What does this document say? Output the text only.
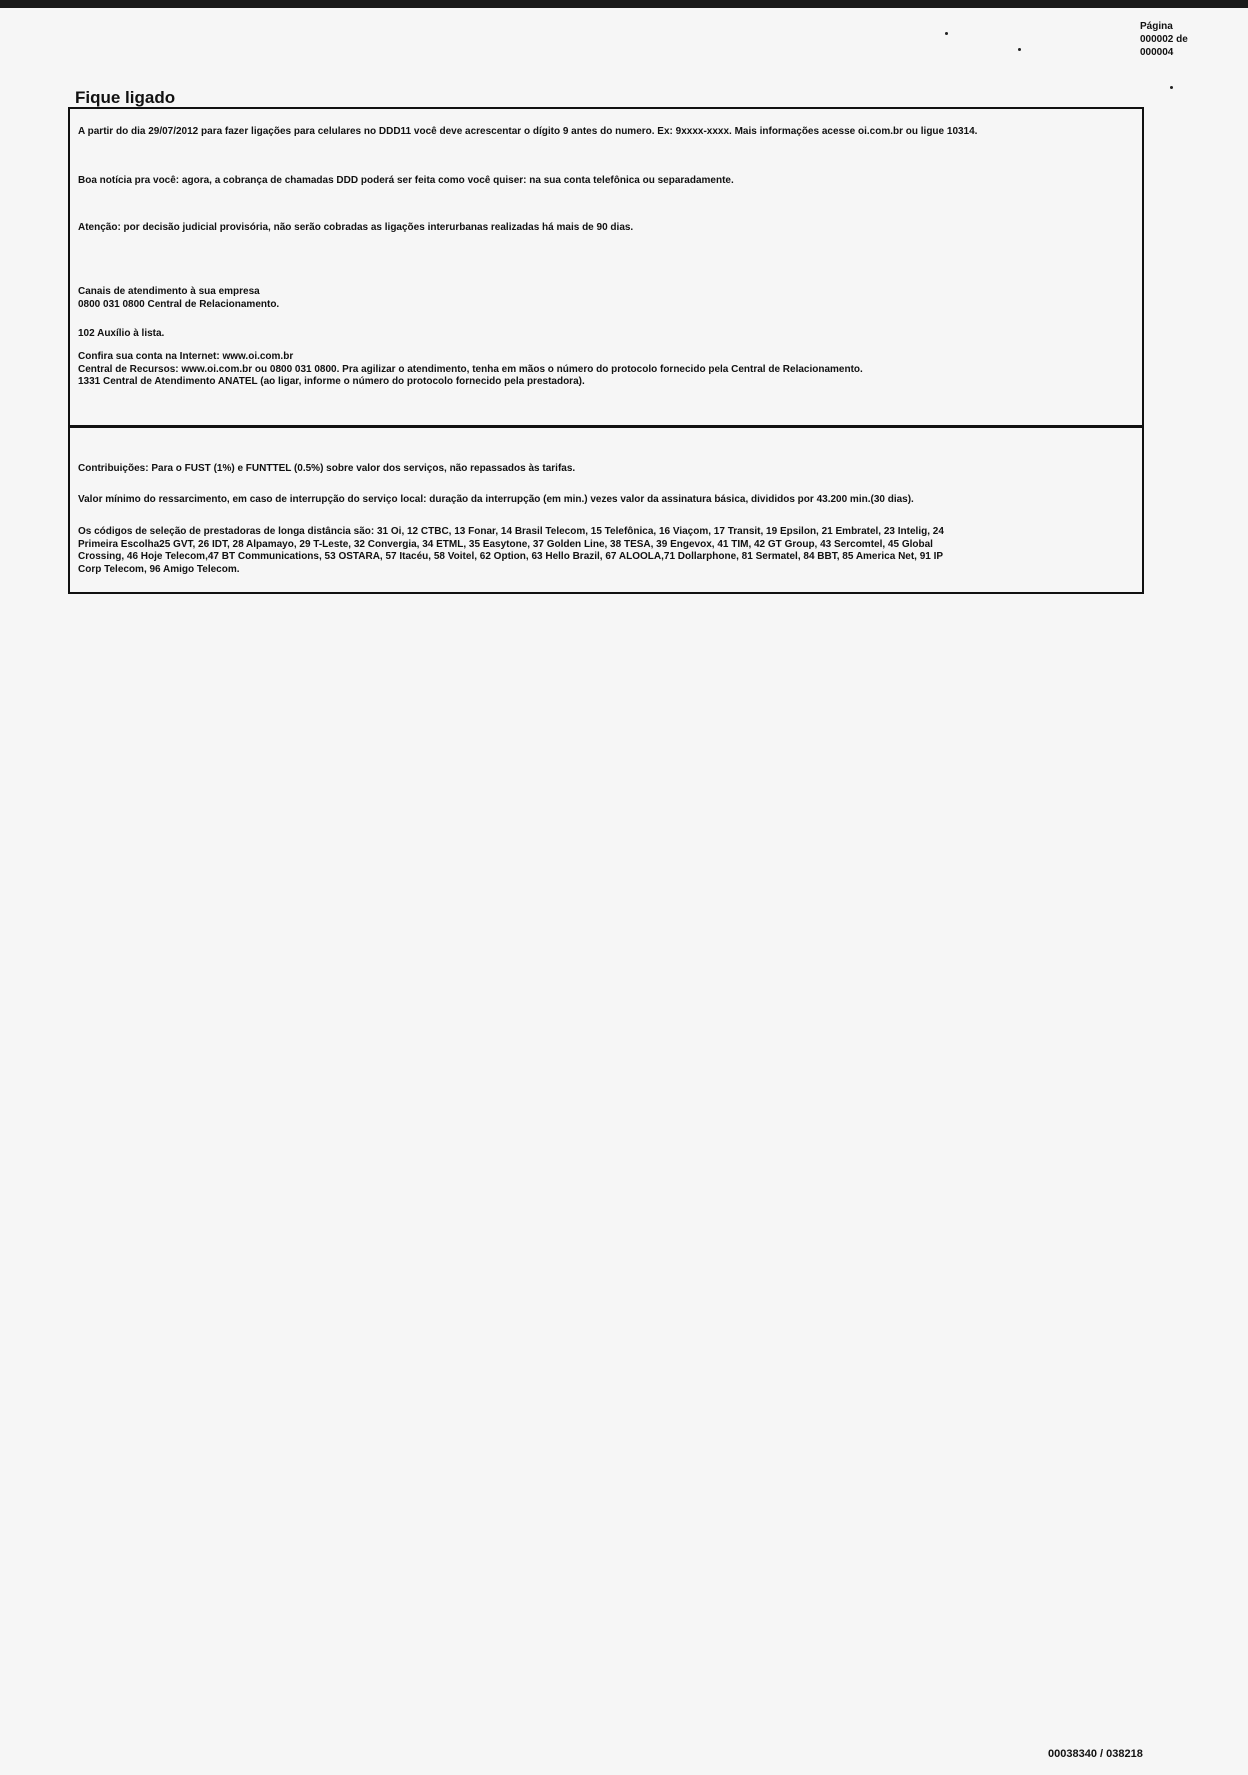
Página
000002 de
000004
Fique ligado
A partir do dia 29/07/2012 para fazer ligações para celulares no DDD11 você deve acrescentar o dígito 9 antes do numero. Ex: 9xxxx-xxxx. Mais informações acesse oi.com.br ou ligue 10314.
Boa notícia pra você: agora, a cobrança de chamadas DDD poderá ser feita como você quiser: na sua conta telefônica ou separadamente.
Atenção: por decisão judicial provisória, não serão cobradas as ligações interurbanas realizadas há mais de 90 dias.
Canais de atendimento à sua empresa
0800 031 0800 Central de Relacionamento.
102 Auxílio à lista.
Confira sua conta na Internet: www.oi.com.br
Central de Recursos: www.oi.com.br ou 0800 031 0800. Pra agilizar o atendimento, tenha em mãos o número do protocolo fornecido pela Central de Relacionamento.
1331 Central de Atendimento ANATEL (ao ligar, informe o número do protocolo fornecido pela prestadora).
Contribuições: Para o FUST (1%) e FUNTTEL (0.5%) sobre valor dos serviços, não repassados às tarifas.
Valor mínimo do ressarcimento, em caso de interrupção do serviço local: duração da interrupção (em min.) vezes valor da assinatura básica, divididos por 43.200 min.(30 dias).
Os códigos de seleção de prestadoras de longa distância são: 31 Oi, 12 CTBC, 13 Fonar, 14 Brasil Telecom, 15 Telefônica, 16 Viaçom, 17 Transit, 19 Epsilon, 21 Embratel, 23 Intelig, 24
Primeira Escolha25 GVT, 26 IDT, 28 Alpamayo, 29 T-Leste, 32 Convergia, 34 ETML, 35 Easytone, 37 Golden Line, 38 TESA, 39 Engevox, 41 TIM, 42 GT Group, 43 Sercomtel, 45 Global
Crossing, 46 Hoje Telecom,47 BT Communications, 53 OSTARA, 57 Itacéu, 58 Voitel, 62 Option, 63 Hello Brazil, 67 ALOOLA,71 Dollarphone, 81 Sermatel, 84 BBT, 85 America Net, 91 IP
Corp Telecom, 96 Amigo Telecom.
00038340 / 038218
